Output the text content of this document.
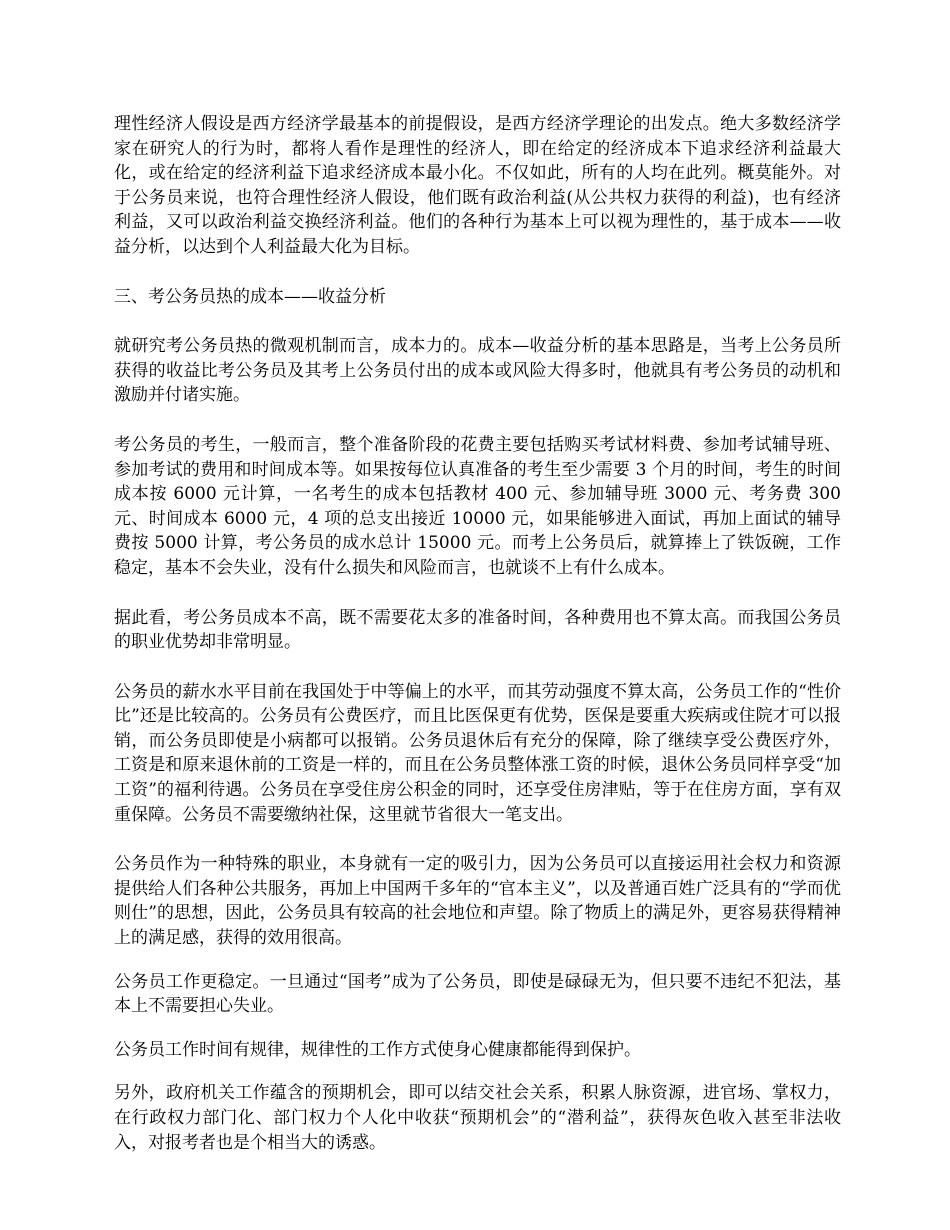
理性经济人假设是西方经济学最基本的前提假设，是西方经济学理论的出发点。绝大多数经济学家在研究人的行为时，都将人看作是理性的经济人，即在给定的经济成本下追求经济利益最大化，或在给定的经济利益下追求经济成本最小化。不仅如此，所有的人均在此列。概莫能外。对于公务员来说，也符合理性经济人假设，他们既有政治利益(从公共权力获得的利益)，也有经济利益，又可以政治利益交换经济利益。他们的各种行为基本上可以视为理性的，基于成本——收益分析，以达到个人利益最大化为目标。

三、考公务员热的成本——收益分析

就研究考公务员热的微观机制而言，成本力的。成本—收益分析的基本思路是，当考上公务员所获得的收益比考公务员及其考上公务员付出的成本或风险大得多时，他就具有考公务员的动机和激励并付诸实施。

考公务员的考生，一般而言，整个准备阶段的花费主要包括购买考试材料费、参加考试辅导班、参加考试的费用和时间成本等。如果按每位认真准备的考生至少需要 3 个月的时间，考生的时间成本按 6000 元计算，一名考生的成本包括教材 400 元、参加辅导班 3000 元、考务费 300 元、时间成本 6000 元，4 项的总支出接近 10000 元，如果能够进入面试，再加上面试的辅导费按 5000 计算，考公务员的成水总计 15000 元。而考上公务员后，就算捧上了铁饭碗，工作稳定，基本不会失业，没有什么损失和风险而言，也就谈不上有什么成本。

据此看，考公务员成本不高，既不需要花太多的准备时间，各种费用也不算太高。而我国公务员的职业优势却非常明显。

公务员的薪水水平目前在我国处于中等偏上的水平，而其劳动强度不算太高，公务员工作的“性价比”还是比较高的。公务员有公费医疗，而且比医保更有优势，医保是要重大疾病或住院才可以报销，而公务员即使是小病都可以报销。公务员退休后有充分的保障，除了继续享受公费医疗外，工资是和原来退休前的工资是一样的，而且在公务员整体涨工资的时候，退休公务员同样享受“加工资”的福利待遇。公务员在享受住房公积金的同时，还享受住房津贴，等于在住房方面，享有双重保障。公务员不需要缴纳社保，这里就节省很大一笔支出。

公务员作为一种特殊的职业，本身就有一定的吸引力，因为公务员可以直接运用社会权力和资源提供给人们各种公共服务，再加上中国两千多年的“官本主义”，以及普通百姓广泛具有的“学而优则仕”的思想，因此，公务员具有较高的社会地位和声望。除了物质上的满足外，更容易获得精神上的满足感，获得的效用很高。

公务员工作更稳定。一旦通过“国考”成为了公务员，即使是碌碌无为，但只要不违纪不犯法，基本上不需要担心失业。

公务员工作时间有规律，规律性的工作方式使身心健康都能得到保护。

另外，政府机关工作蕴含的预期机会，即可以结交社会关系，积累人脉资源，进官场、掌权力，在行政权力部门化、部门权力个人化中收获“预期机会”的“潜利益”，获得灰色收入甚至非法收入，对报考者也是个相当大的诱惑。
